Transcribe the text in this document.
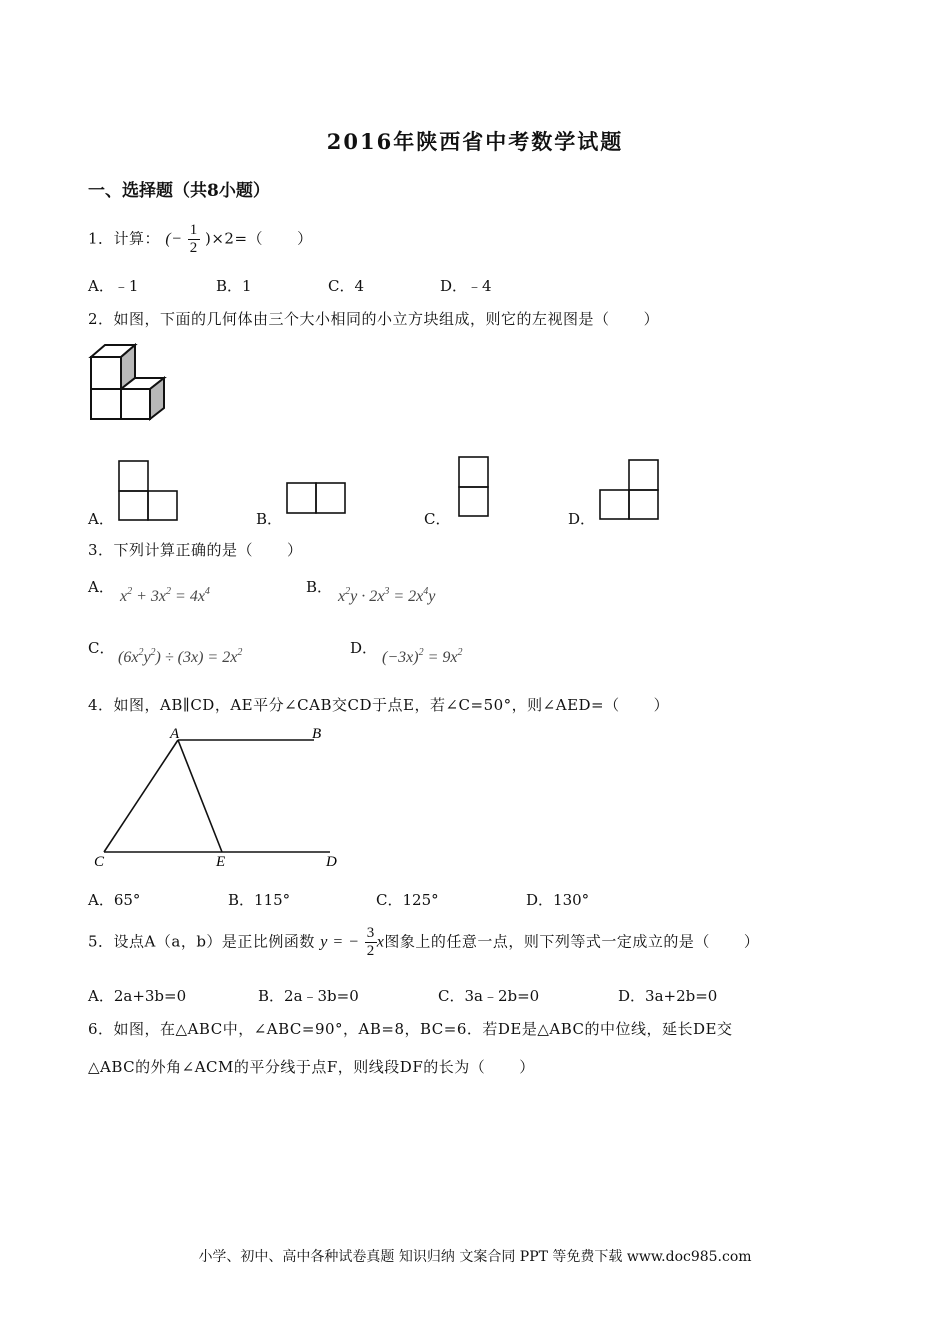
2016年陕西省中考数学试题
一、选择题（共8小题）
1．计算： (− $\frac{1}{2} )\times 2=$（ ）
A．﹣1	B．1	C．4	D．﹣4
2．如图，下面的几何体由三个大小相同的小立方块组成，则它的左视图是（ ）
A．	B．	C．	D．
3．下列计算正确的是（ ）
A．
$x^2 + 3x^2 = 4x^4$	B．
$x^2y \cdot 2x^3 = 2x^4y$
C．
$(6x^2y^2) \div (3x) = 2x^2$	D．
$(-3x)^2 = 9x^2$
4．如图，AB∥CD，AE平分∠CAB交CD于点E，若∠C=50°，则∠AED=（ ）
A	B
C	E	D
A．65°	B．115°	C．125°	D．130°
5．设点A（a，b）是正比例函数 y = − $\frac{3}{2}$ x图象上的任意一点，则下列等式一定成立的是（ ）
A．2a+3b=0	B．2a﹣3b=0	C．3a﹣2b=0	D．3a+2b=0
6．如图，在△ABC中，∠ABC=90°，AB=8，BC=6．若DE是△ABC的中位线，延长DE交
△ABC的外角∠ACM的平分线于点F，则线段DF的长为（ ）
小学、初中、高中各种试卷真题 知识归纳 文案合同 PPT 等免费下载 www.doc985.com
